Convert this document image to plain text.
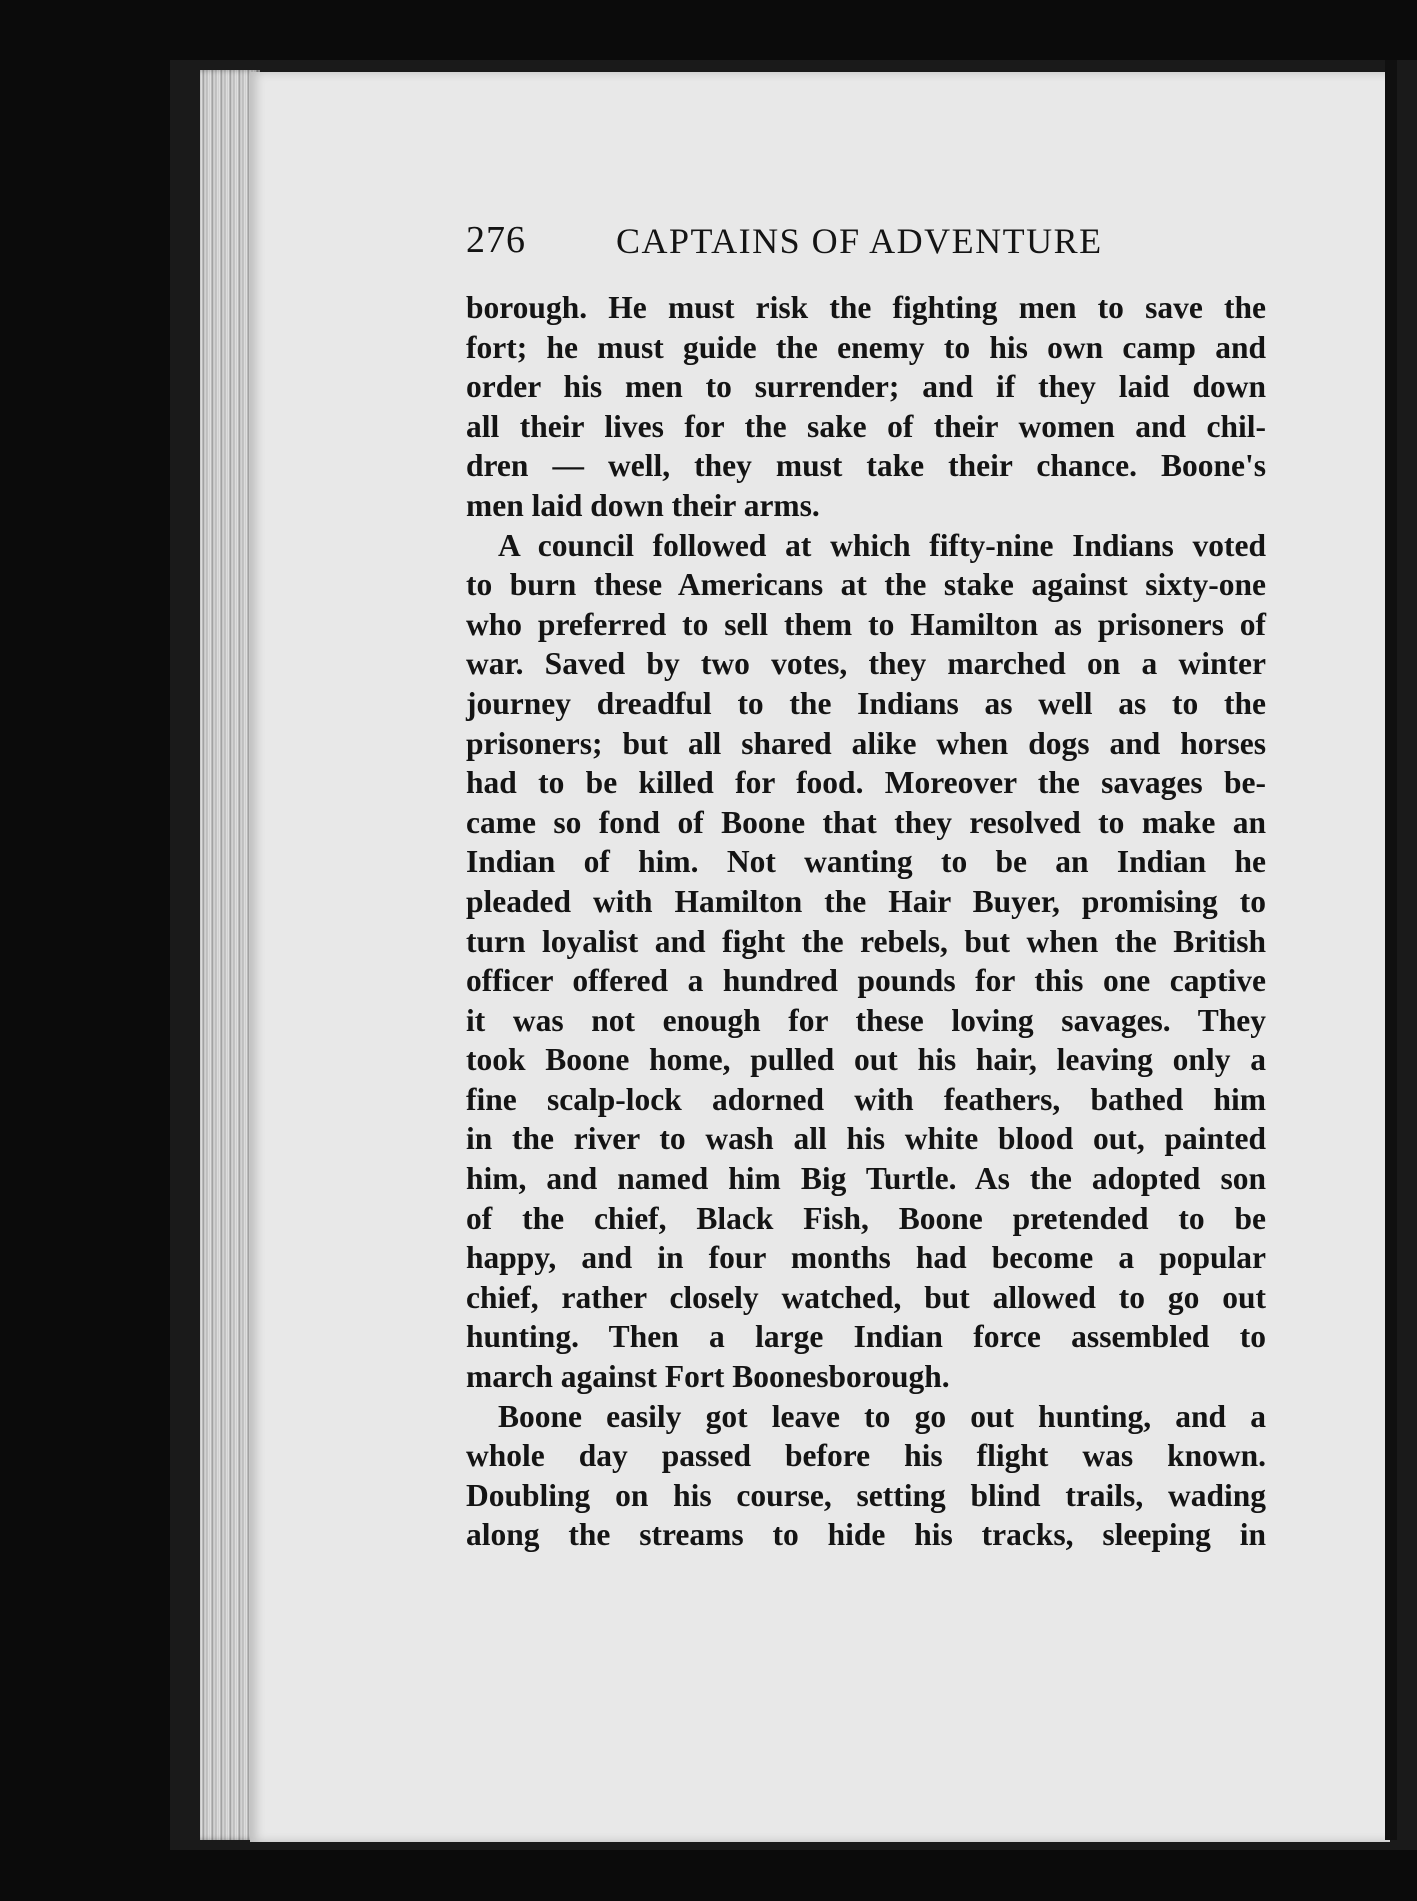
276	CAPTAINS OF ADVENTURE
borough. He must risk the fighting men to save the
fort; he must guide the enemy to his own camp and
order his men to surrender; and if they laid down
all their lives for the sake of their women and chil-
dren — well, they must take their chance. Boone's
men laid down their arms.
A council followed at which fifty-nine Indians voted
to burn these Americans at the stake against sixty-one
who preferred to sell them to Hamilton as prisoners of
war. Saved by two votes, they marched on a winter
journey dreadful to the Indians as well as to the
prisoners; but all shared alike when dogs and horses
had to be killed for food. Moreover the savages be-
came so fond of Boone that they resolved to make an
Indian of him. Not wanting to be an Indian he
pleaded with Hamilton the Hair Buyer, promising to
turn loyalist and fight the rebels, but when the British
officer offered a hundred pounds for this one captive
it was not enough for these loving savages. They
took Boone home, pulled out his hair, leaving only a
fine scalp-lock adorned with feathers, bathed him
in the river to wash all his white blood out, painted
him, and named him Big Turtle. As the adopted son
of the chief, Black Fish, Boone pretended to be
happy, and in four months had become a popular
chief, rather closely watched, but allowed to go out
hunting. Then a large Indian force assembled to
march against Fort Boonesborough.
Boone easily got leave to go out hunting, and a
whole day passed before his flight was known.
Doubling on his course, setting blind trails, wading
along the streams to hide his tracks, sleeping in
